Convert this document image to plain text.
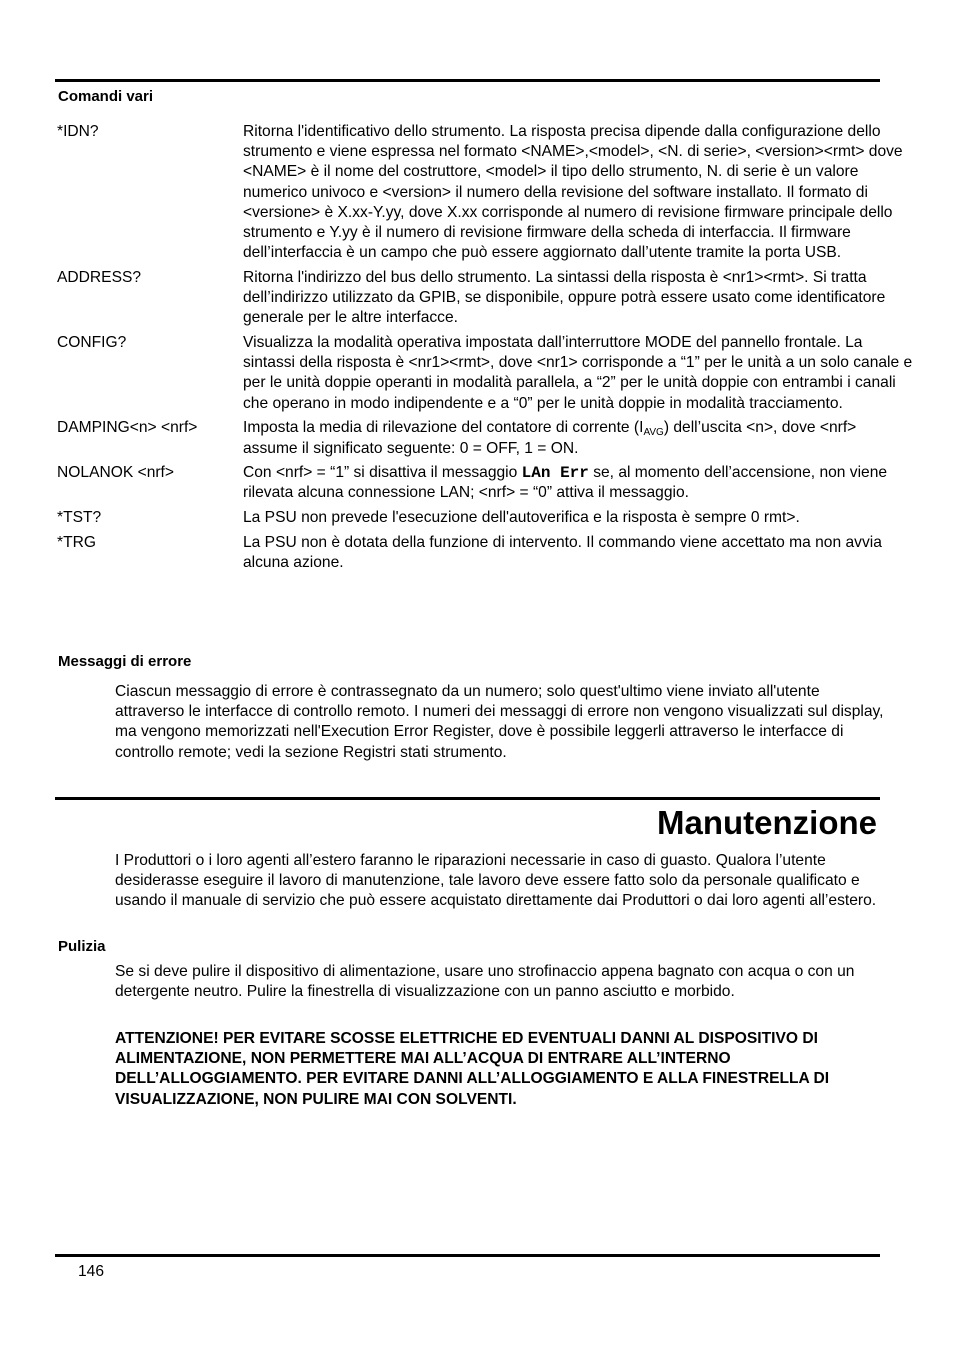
Comandi vari
*IDN?	Ritorna l'identificativo dello strumento. La risposta precisa dipende dalla configurazione dello strumento e viene espressa nel formato <NAME>,<model>, <N. di serie>, <version><rmt> dove <NAME> è il nome del costruttore, <model> il tipo dello strumento, N. di serie è un valore numerico univoco e <version> il numero della revisione del software installato. Il formato di <versione> è X.xx-Y.yy, dove X.xx corrisponde al numero di revisione firmware principale dello strumento e Y.yy è il numero di revisione firmware della scheda di interfaccia. Il firmware dell’interfaccia è un campo che può essere aggiornato dall’utente tramite la porta USB.
ADDRESS?	Ritorna l'indirizzo del bus dello strumento. La sintassi della risposta è <nr1><rmt>. Si tratta dell’indirizzo utilizzato da GPIB, se disponibile, oppure potrà essere usato come identificatore generale per le altre interfacce.
CONFIG?	Visualizza la modalità operativa impostata dall’interruttore MODE del pannello frontale. La sintassi della risposta è <nr1><rmt>, dove <nr1> corrisponde a “1” per le unità a un solo canale e per le unità doppie operanti in modalità parallela, a “2” per le unità doppie con entrambi i canali che operano in modo indipendente e a “0” per le unità doppie in modalità tracciamento.
DAMPING<n> <nrf>	Imposta la media di rilevazione del contatore di corrente $(I_{AVG})$ dell’uscita <n>, dove <nrf> assume il significato seguente: 0 = OFF, 1 = ON.
NOLANOK <nrf>	Con <nrf> = “1” si disattiva il messaggio LAn Err se, al momento dell’accensione, non viene rilevata alcuna connessione LAN; <nrf> = “0” attiva il messaggio.
*TST?	La PSU non prevede l'esecuzione dell'autoverifica e la risposta è sempre 0 rmt>.
*TRG	La PSU non è dotata della funzione di intervento. Il commando viene accettato ma non avvia alcuna azione.
Messaggi di errore
Ciascun messaggio di errore è contrassegnato da un numero; solo quest'ultimo viene inviato all'utente attraverso le interfacce di controllo remoto. I numeri dei messaggi di errore non vengono visualizzati sul display, ma vengono memorizzati nell'Execution Error Register, dove è possibile leggerli attraverso le interfacce di controllo remote; vedi la sezione Registri stati strumento.
Manutenzione
I Produttori o i loro agenti all’estero faranno le riparazioni necessarie in caso di guasto. Qualora l’utente desiderasse eseguire il lavoro di manutenzione, tale lavoro deve essere fatto solo da personale qualificato e usando il manuale di servizio che può essere acquistato direttamente dai Produttori o dai loro agenti all’estero.
Pulizia
Se si deve pulire il dispositivo di alimentazione, usare uno strofinaccio appena bagnato con acqua o con un detergente neutro. Pulire la finestrella di visualizzazione con un panno asciutto e morbido.
ATTENZIONE! PER EVITARE SCOSSE ELETTRICHE ED EVENTUALI DANNI AL DISPOSITIVO DI ALIMENTAZIONE, NON PERMETTERE MAI ALL’ACQUA DI ENTRARE ALL’INTERNO DELL’ALLOGGIAMENTO. PER EVITARE DANNI ALL’ALLOGGIAMENTO E ALLA FINESTRELLA DI VISUALIZZAZIONE, NON PULIRE MAI CON SOLVENTI.
146
